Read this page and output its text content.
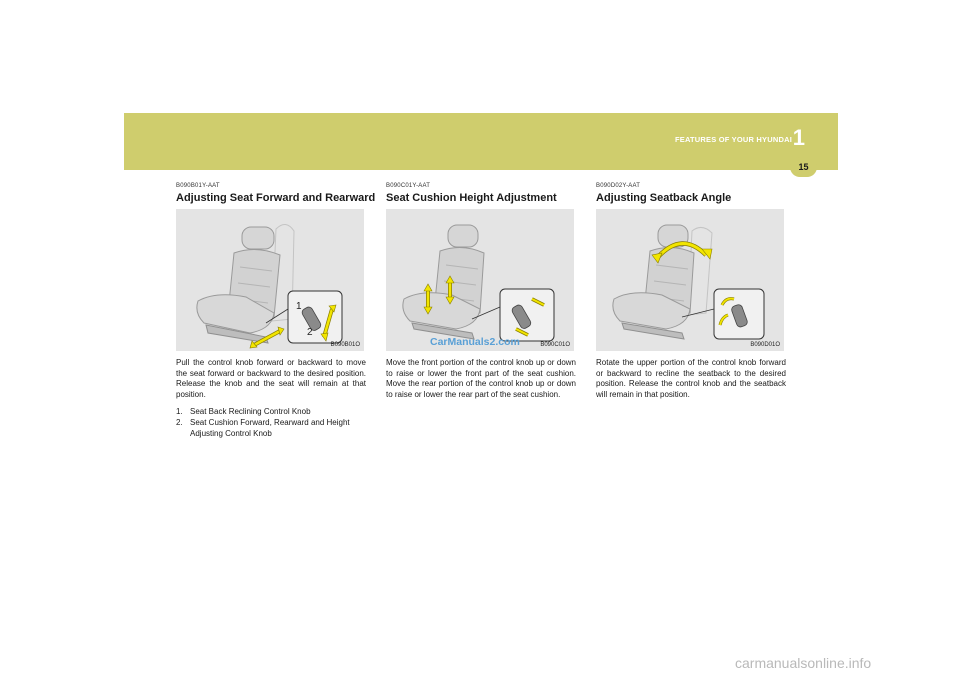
FEATURES OF YOUR HYUNDAI 1
15
B090B01Y-AAT
Adjusting Seat Forward and Rearward
1
2
B090B01O
Pull the control knob forward or backward to move the seat forward or backward to the desired position. Release the knob and the seat will remain at that position.
1. Seat Back Reclining Control Knob
2. Seat Cushion Forward, Rearward and Height Adjusting Control Knob
B090C01Y-AAT
Seat Cushion Height Adjustment
CarManuals2.com	B090C01O
Move the front portion of the control knob up or down to raise or lower the front part of the seat cushion. Move the rear portion of the control knob up or down to raise or lower the rear part of the seat cushion.
B090D02Y-AAT
Adjusting Seatback Angle
B090D01O
Rotate the upper portion of the control knob forward or backward to recline the seatback to the desired position. Release the control knob and the seatback will remain in that position.
carmanualsonline.info
